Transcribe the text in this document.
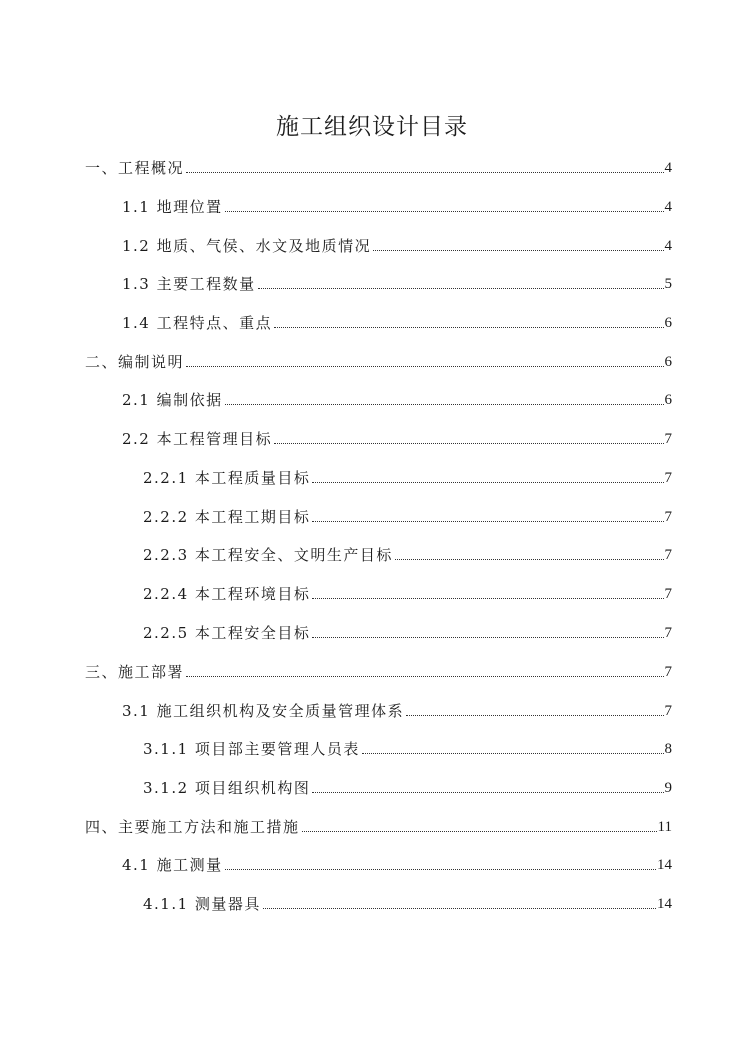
施工组织设计目录
一、工程概况	4
1.1 地理位置	4
1.2 地质、气侯、水文及地质情况	4
1.3 主要工程数量	5
1.4 工程特点、重点	6
二、编制说明	6
2.1 编制依据	6
2.2 本工程管理目标	7
2.2.1 本工程质量目标	7
2.2.2 本工程工期目标	7
2.2.3 本工程安全、文明生产目标	7
2.2.4 本工程环境目标	7
2.2.5 本工程安全目标	7
三、施工部署	7
3.1 施工组织机构及安全质量管理体系	7
3.1.1 项目部主要管理人员表	8
3.1.2 项目组织机构图	9
四、主要施工方法和施工措施	11
4.1 施工测量	14
4.1.1 测量器具	14
